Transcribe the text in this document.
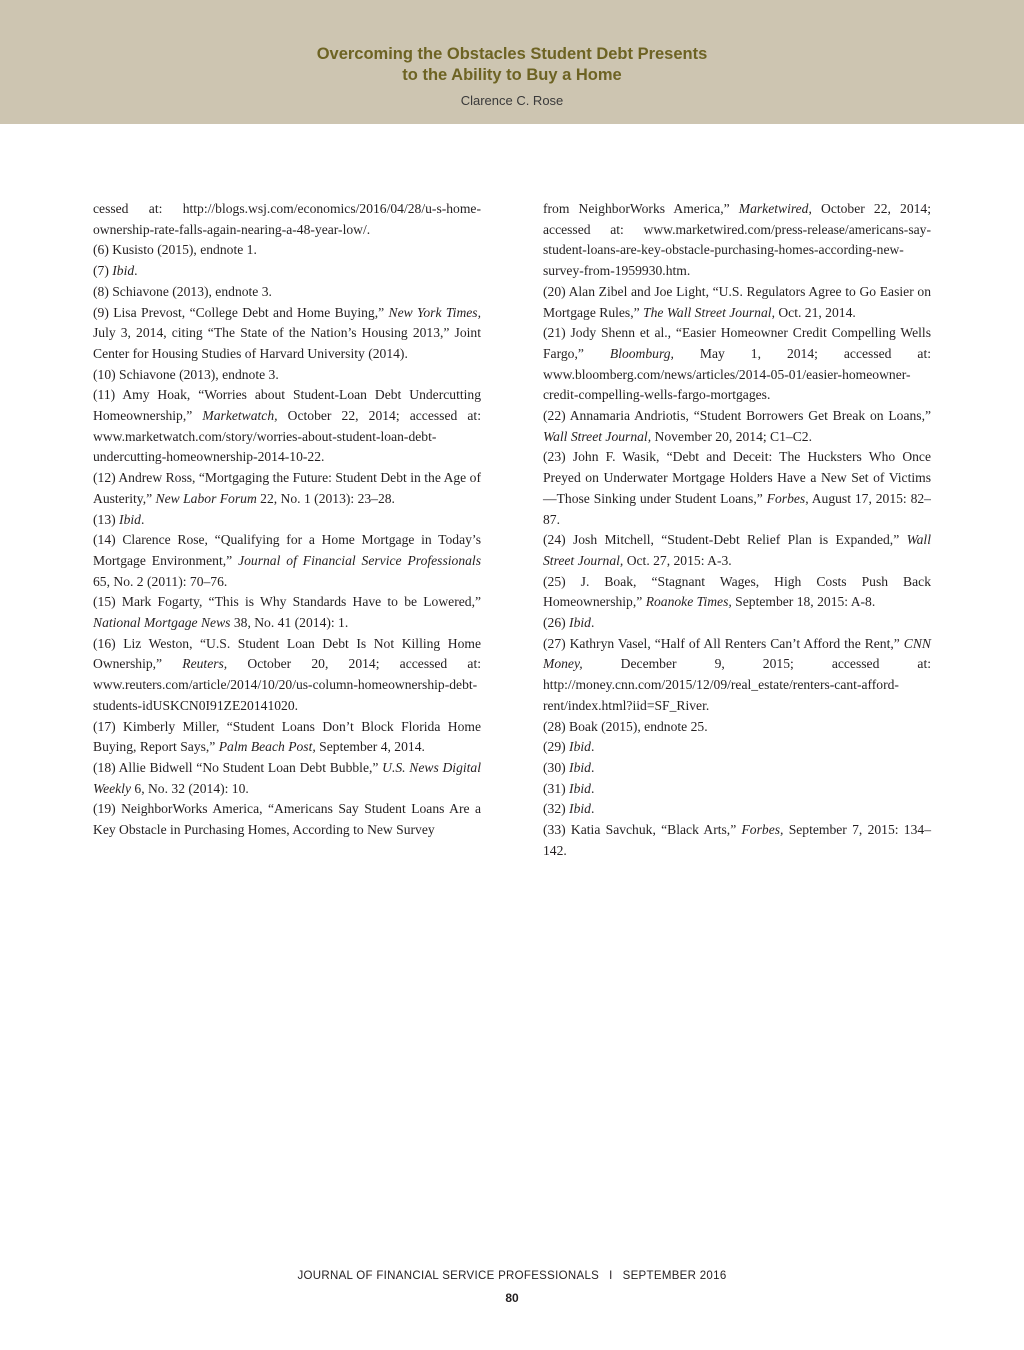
Overcoming the Obstacles Student Debt Presents
to the Ability to Buy a Home
Clarence C. Rose
cessed at: http://blogs.wsj.com/economics/2016/04/28/u-s-home-ownership-rate-falls-again-nearing-a-48-year-low/.
(6) Kusisto (2015), endnote 1.
(7) Ibid.
(8) Schiavone (2013), endnote 3.
(9) Lisa Prevost, “College Debt and Home Buying,” New York Times, July 3, 2014, citing “The State of the Nation’s Housing 2013,” Joint Center for Housing Studies of Harvard University (2014).
(10) Schiavone (2013), endnote 3.
(11) Amy Hoak, “Worries about Student-Loan Debt Undercutting Homeownership,” Marketwatch, October 22, 2014; accessed at: www.marketwatch.com/story/worries-about-student-loan-debt-undercutting-homeownership-2014-10-22.
(12) Andrew Ross, “Mortgaging the Future: Student Debt in the Age of Austerity,” New Labor Forum 22, No. 1 (2013): 23–28.
(13) Ibid.
(14) Clarence Rose, “Qualifying for a Home Mortgage in Today’s Mortgage Environment,” Journal of Financial Service Professionals 65, No. 2 (2011): 70–76.
(15) Mark Fogarty, “This is Why Standards Have to be Lowered,” National Mortgage News 38, No. 41 (2014): 1.
(16) Liz Weston, “U.S. Student Loan Debt Is Not Killing Home Ownership,” Reuters, October 20, 2014; accessed at: www.reuters.com/article/2014/10/20/us-column-homeownership-debt-students-idUSKCN0I91ZE20141020.
(17) Kimberly Miller, “Student Loans Don’t Block Florida Home Buying, Report Says,” Palm Beach Post, September 4, 2014.
(18) Allie Bidwell “No Student Loan Debt Bubble,” U.S. News Digital Weekly 6, No. 32 (2014): 10.
(19) NeighborWorks America, “Americans Say Student Loans Are a Key Obstacle in Purchasing Homes, According to New Survey
from NeighborWorks America,” Marketwired, October 22, 2014; accessed at: www.marketwired.com/press-release/americans-say-student-loans-are-key-obstacle-purchasing-homes-according-new-survey-from-1959930.htm.
(20) Alan Zibel and Joe Light, “U.S. Regulators Agree to Go Easier on Mortgage Rules,” The Wall Street Journal, Oct. 21, 2014.
(21) Jody Shenn et al., “Easier Homeowner Credit Compelling Wells Fargo,” Bloomburg, May 1, 2014; accessed at: www.bloomberg.com/news/articles/2014-05-01/easier-homeowner-credit-compelling-wells-fargo-mortgages.
(22) Annamaria Andriotis, “Student Borrowers Get Break on Loans,” Wall Street Journal, November 20, 2014; C1–C2.
(23) John F. Wasik, “Debt and Deceit: The Hucksters Who Once Preyed on Underwater Mortgage Holders Have a New Set of Victims—Those Sinking under Student Loans,” Forbes, August 17, 2015: 82–87.
(24) Josh Mitchell, “Student-Debt Relief Plan is Expanded,” Wall Street Journal, Oct. 27, 2015: A-3.
(25) J. Boak, “Stagnant Wages, High Costs Push Back Homeownership,” Roanoke Times, September 18, 2015: A-8.
(26) Ibid.
(27) Kathryn Vasel, “Half of All Renters Can’t Afford the Rent,” CNN Money, December 9, 2015; accessed at: http://money.cnn.com/2015/12/09/real_estate/renters-cant-afford-rent/index.html?iid=SF_River.
(28) Boak (2015), endnote 25.
(29) Ibid.
(30) Ibid.
(31) Ibid.
(32) Ibid.
(33) Katia Savchuk, “Black Arts,” Forbes, September 7, 2015: 134–142.
JOURNAL OF FINANCIAL SERVICE PROFESSIONALS I SEPTEMBER 2016
80
